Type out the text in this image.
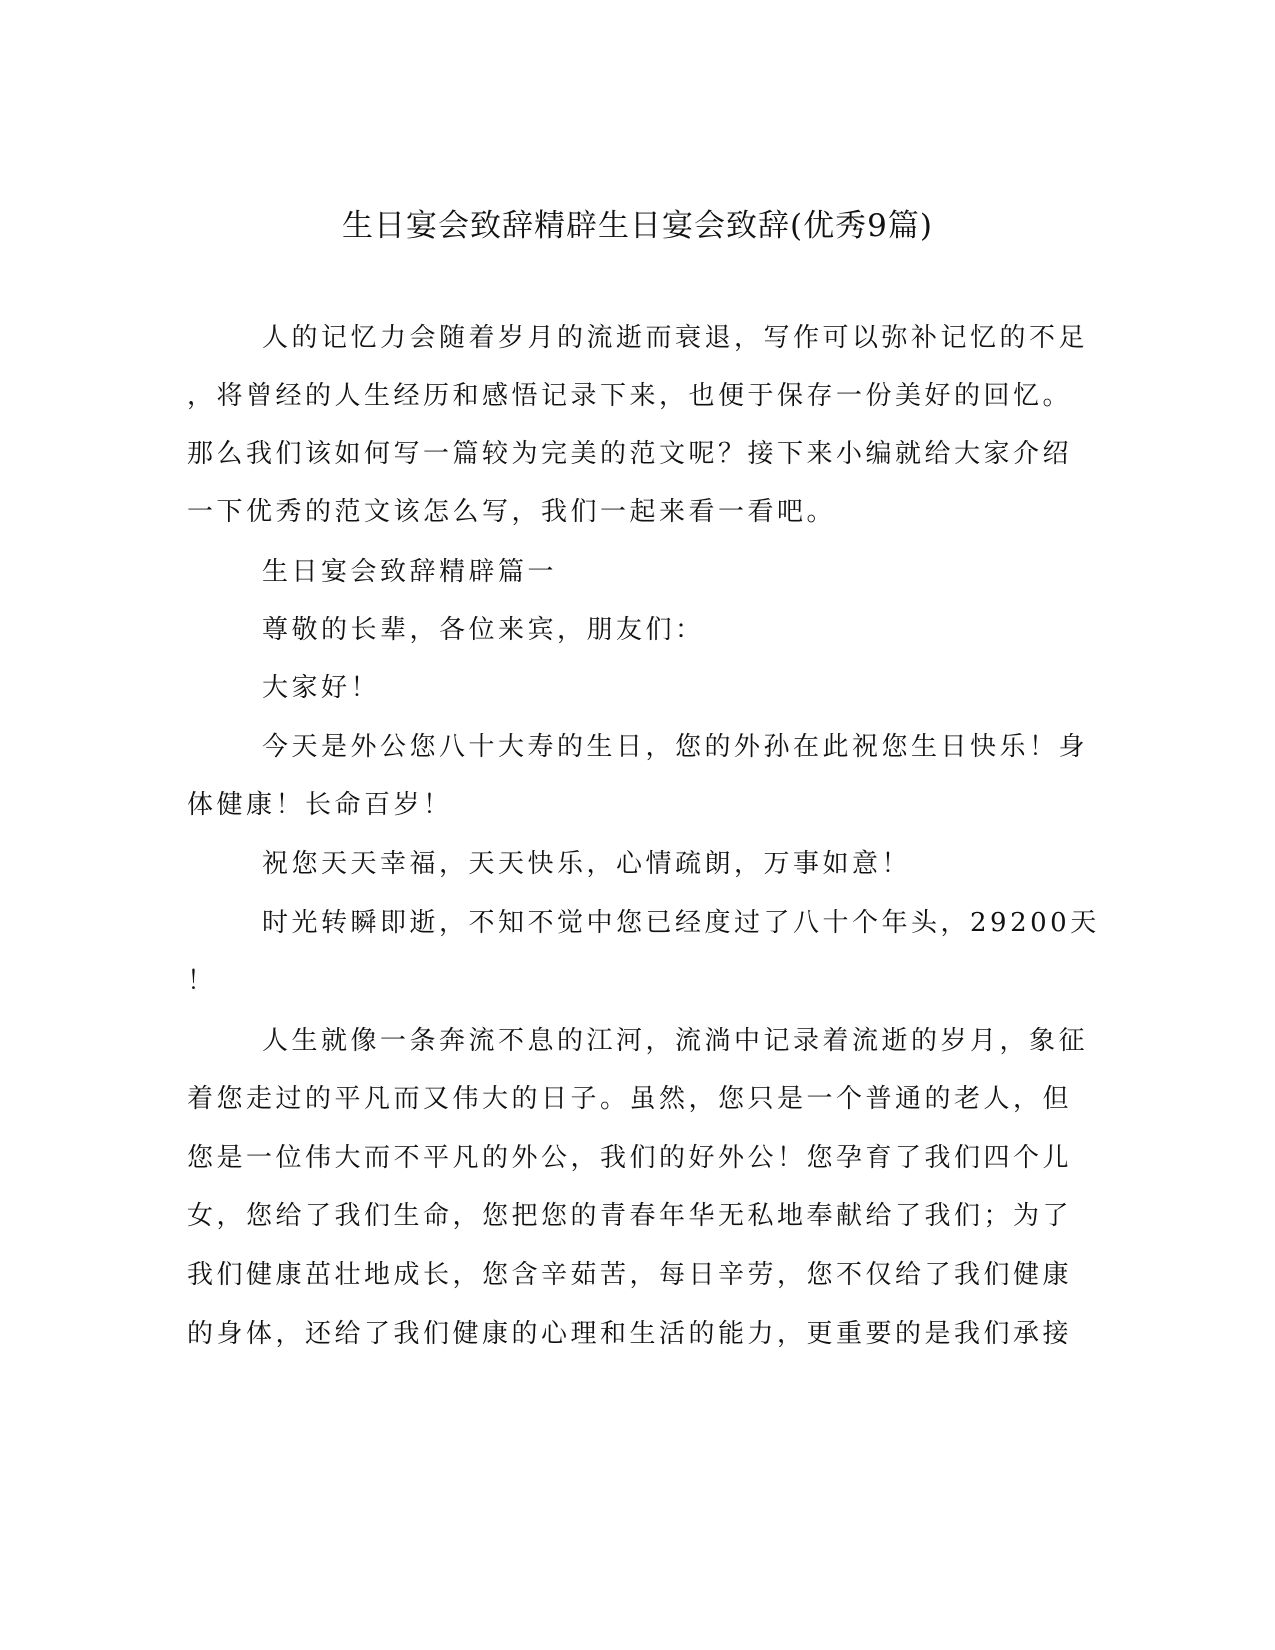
生日宴会致辞精辟生日宴会致辞(优秀9篇)

人的记忆力会随着岁月的流逝而衰退，写作可以弥补记忆的不足

，将曾经的人生经历和感悟记录下来，也便于保存一份美好的回忆。

那么我们该如何写一篇较为完美的范文呢？接下来小编就给大家介绍

一下优秀的范文该怎么写，我们一起来看一看吧。

生日宴会致辞精辟篇一

尊敬的长辈，各位来宾，朋友们：

大家好！

今天是外公您八十大寿的生日，您的外孙在此祝您生日快乐！身

体健康！长命百岁！

祝您天天幸福，天天快乐，心情疏朗，万事如意！

时光转瞬即逝，不知不觉中您已经度过了八十个年头，29200天

！

人生就像一条奔流不息的江河，流淌中记录着流逝的岁月，象征

着您走过的平凡而又伟大的日子。虽然，您只是一个普通的老人，但

您是一位伟大而不平凡的外公，我们的好外公！您孕育了我们四个儿

女，您给了我们生命，您把您的青春年华无私地奉献给了我们；为了

我们健康茁壮地成长，您含辛茹苦，每日辛劳，您不仅给了我们健康

的身体，还给了我们健康的心理和生活的能力，更重要的是我们承接
